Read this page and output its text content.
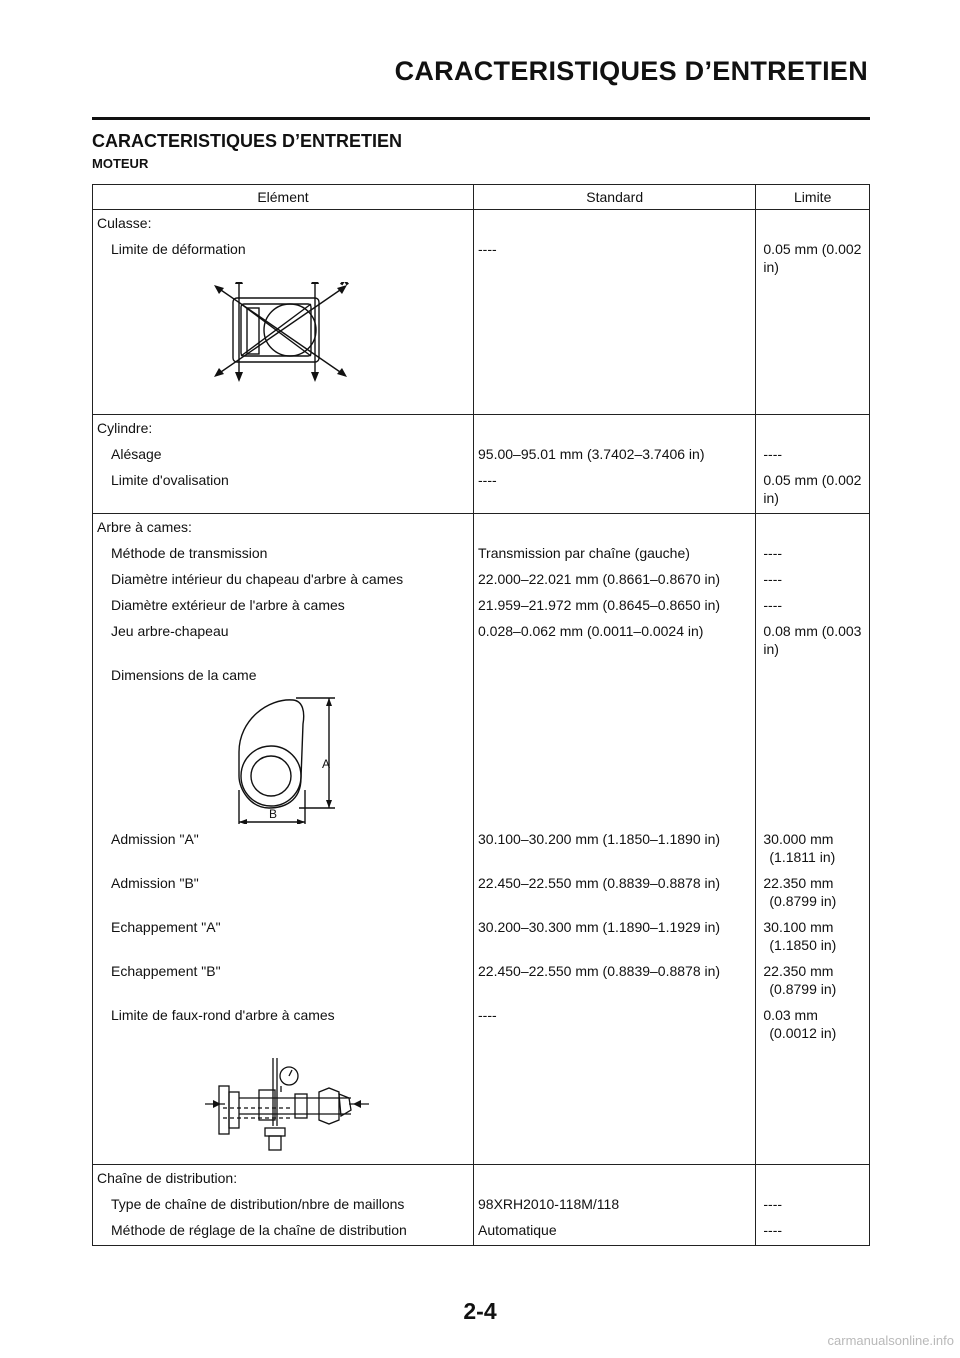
CARACTERISTIQUES D’ENTRETIEN
CARACTERISTIQUES D’ENTRETIEN
MOTEUR
Elément	Standard	Limite
Culasse:		
Limite de déformation	----	0.05 mm (0.002 in)

*		

Cylindre:		
Alésage	95.00–95.01 mm (3.7402–3.7406 in)	----
Limite d'ovalisation	----	0.05 mm (0.002 in)
Arbre à cames:		
Méthode de transmission	Transmission par chaîne (gauche)	----
Diamètre intérieur du chapeau d'arbre à cames	22.000–22.021 mm (0.8661–0.8670 in)	----
Diamètre extérieur de l'arbre à cames	21.959–21.972 mm (0.8645–0.8650 in)	----
Jeu arbre-chapeau	0.028–0.062 mm (0.0011–0.0024 in)	0.08 mm (0.003 in)
Dimensions de la came		

A
B		

Admission "A"	30.100–30.200 mm (1.1850–1.1890 in)	30.000 mm
(1.1811 in)
Admission "B"	22.450–22.550 mm (0.8839–0.8878 in)	22.350 mm
(0.8799 in)
Echappement "A"	30.200–30.300 mm (1.1890–1.1929 in)	30.100 mm
(1.1850 in)
Echappement "B"	22.450–22.550 mm (0.8839–0.8878 in)	22.350 mm
(0.8799 in)
Limite de faux-rond d'arbre à cames	----	0.03 mm
(0.0012 in)

Chaîne de distribution:		
Type de chaîne de distribution/nbre de maillons	98XRH2010-118M/118	----
Méthode de réglage de la chaîne de distribution	Automatique	----
2-4
carmanualsonline.info
